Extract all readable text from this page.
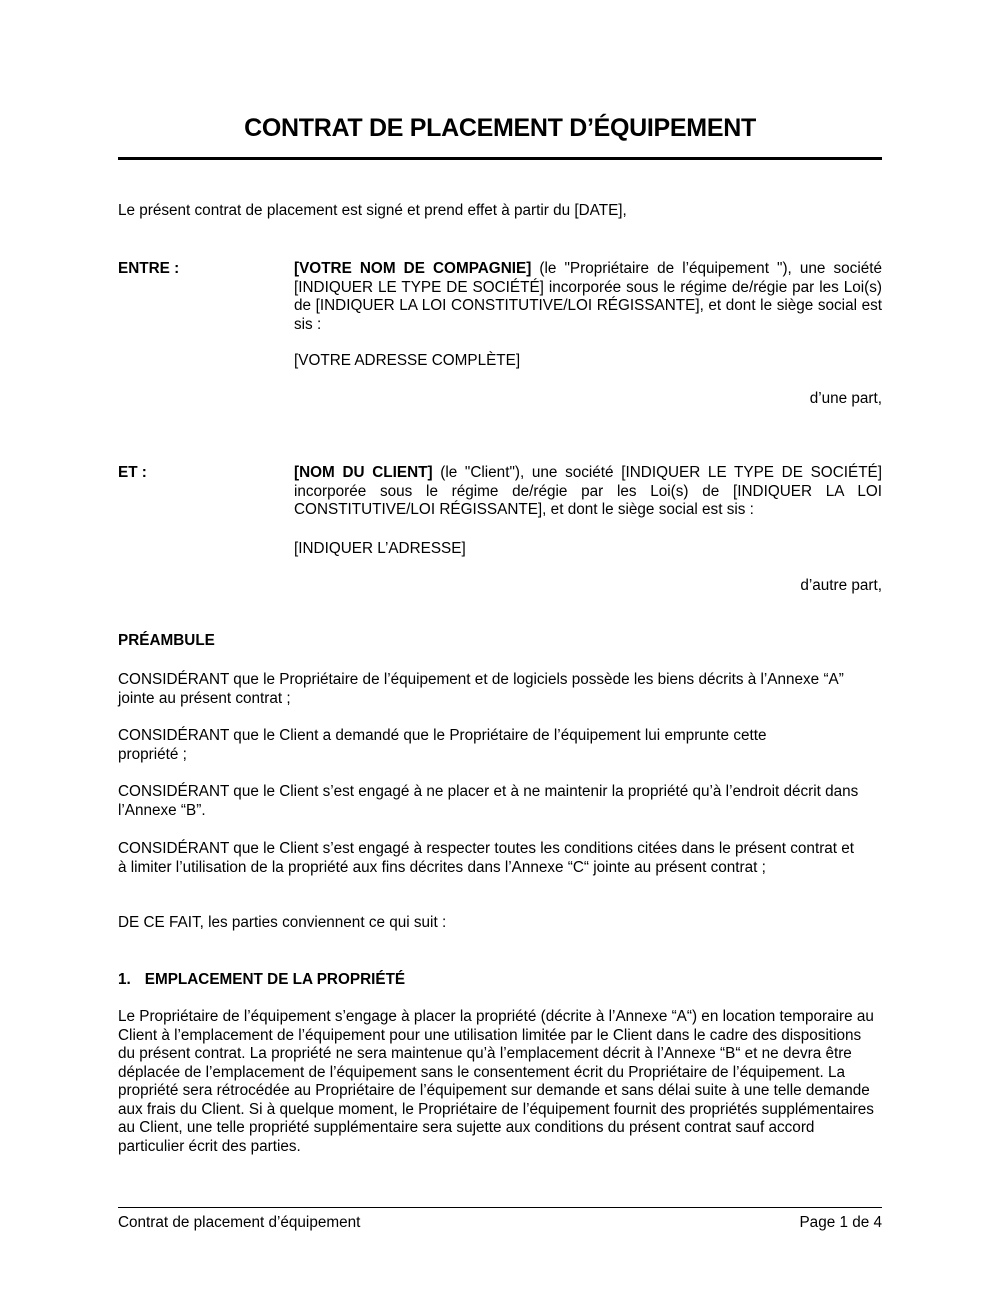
CONTRAT DE PLACEMENT D’ÉQUIPEMENT

Le présent contrat de placement est signé et prend effet à partir du [DATE],

ENTRE :	[VOTRE NOM DE COMPAGNIE] (le "Propriétaire de l’équipement "), une société [INDIQUER LE TYPE DE SOCIÉTÉ] incorporée sous le régime de/régie par les Loi(s) de [INDIQUER LA LOI CONSTITUTIVE/LOI RÉGISSANTE], et dont le siège social est sis :
[VOTRE ADRESSE COMPLÈTE]
d’une part,
ET :	[NOM DU CLIENT] (le "Client"), une société [INDIQUER LE TYPE DE SOCIÉTÉ] incorporée sous le régime de/régie par les Loi(s) de [INDIQUER LA LOI CONSTITUTIVE/LOI RÉGISSANTE], et dont le siège social est sis :
[INDIQUER L’ADRESSE]
d’autre part,
PRÉAMBULE

CONSIDÉRANT que le Propriétaire de l’équipement et de logiciels possède les biens décrits à l’Annexe “A” jointe au présent contrat ;

CONSIDÉRANT que le Client a demandé que le Propriétaire de l’équipement lui emprunte cette propriété ;

CONSIDÉRANT que le Client s’est engagé à ne placer et à ne maintenir la propriété qu’à l’endroit décrit dans l’Annexe “B”.

CONSIDÉRANT que le Client s’est engagé à respecter toutes les conditions citées dans le présent contrat et à limiter l’utilisation de la propriété aux fins décrites dans l’Annexe “C“ jointe au présent contrat ;

DE CE FAIT, les parties conviennent ce qui suit :

1. EMPLACEMENT DE LA PROPRIÉTÉ

Le Propriétaire de l’équipement s’engage à placer la propriété (décrite à l’Annexe “A“) en location temporaire au Client à l’emplacement de l’équipement pour une utilisation limitée par le Client dans le cadre des dispositions du présent contrat. La propriété ne sera maintenue qu’à l’emplacement décrit à l’Annexe “B“ et ne devra être déplacée de l’emplacement de l’équipement sans le consentement écrit du Propriétaire de l’équipement. La propriété sera rétrocédée au Propriétaire de l’équipement sur demande et sans délai suite à une telle demande aux frais du Client. Si à quelque moment, le Propriétaire de l’équipement fournit des propriétés supplémentaires au Client, une telle propriété supplémentaire sera sujette aux conditions du présent contrat sauf accord particulier écrit des parties.

Contrat de placement d’équipement	Page 1 de 4
